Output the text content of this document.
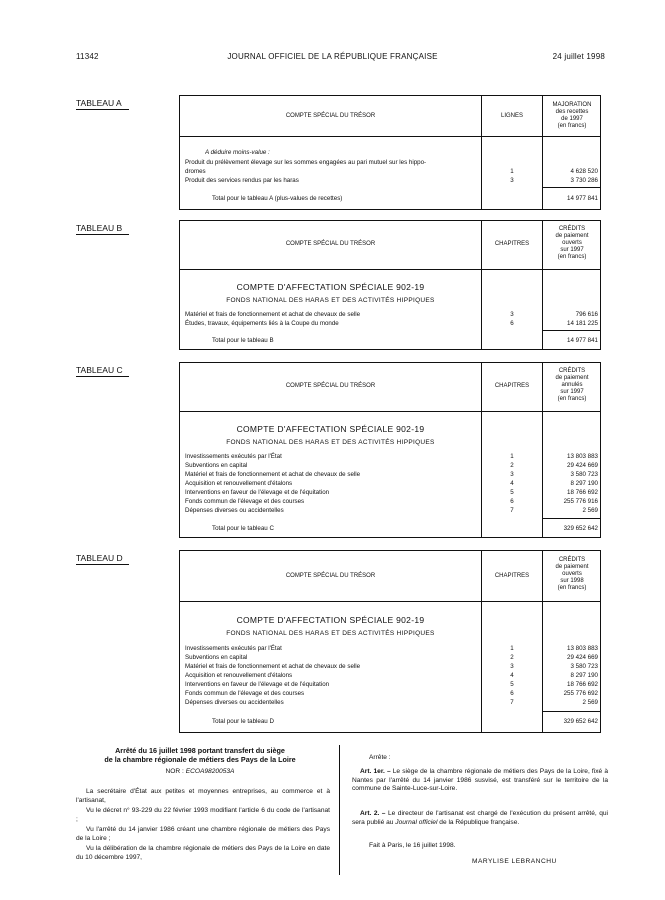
11342	JOURNAL OFFICIEL DE LA RÉPUBLIQUE FRANÇAISE	24 juillet 1998
TABLEAU A
COMPTE SPÉCIAL DU TRÉSOR	LIGNES
MAJORATION
des recettes
de 1997
(en francs)
A déduire moins-value :
Produit du prélèvement élevage sur les sommes engagées au pari mutuel sur les hippo-
dromes	1	4 628 520
Produit des services rendus par les haras	3	3 730 286
Total pour le tableau A (plus-values de recettes)	14 977 841
TABLEAU B
COMPTE SPÉCIAL DU TRÉSOR	CHAPITRES
CRÉDITS
de paiement
ouverts
sur 1997
(en francs)
COMPTE D'AFFECTATION SPÉCIALE 902-19
FONDS NATIONAL DES HARAS ET DES ACTIVITÉS HIPPIQUES
Matériel et frais de fonctionnement et achat de chevaux de selle	3	796 616
Études, travaux, équipements liés à la Coupe du monde	6	14 181 225
Total pour le tableau B	14 977 841
TABLEAU C
COMPTE SPÉCIAL DU TRÉSOR	CHAPITRES
CRÉDITS
de paiement
annulés
sur 1997
(en francs)
COMPTE D'AFFECTATION SPÉCIALE 902-19
FONDS NATIONAL DES HARAS ET DES ACTIVITÉS HIPPIQUES
Investissements exécutés par l'État	1	13 803 883
Subventions en capital	2	29 424 669
Matériel et frais de fonctionnement et achat de chevaux de selle	3	3 580 723
Acquisition et renouvellement d'étalons	4	8 297 190
Interventions en faveur de l'élevage et de l'équitation	5	18 766 692
Fonds commun de l'élevage et des courses	6	255 776 916
Dépenses diverses ou accidentelles	7	2 569
Total pour le tableau C	329 652 642
TABLEAU D
COMPTE SPÉCIAL DU TRÉSOR	CHAPITRES
CRÉDITS
de paiement
ouverts
sur 1998
(en francs)
COMPTE D'AFFECTATION SPÉCIALE 902-19
FONDS NATIONAL DES HARAS ET DES ACTIVITÉS HIPPIQUES
Investissements exécutés par l'État	1	13 803 883
Subventions en capital	2	29 424 669
Matériel et frais de fonctionnement et achat de chevaux de selle	3	3 580 723
Acquisition et renouvellement d'étalons	4	8 297 190
Interventions en faveur de l'élevage et de l'équitation	5	18 766 692
Fonds commun de l'élevage et des courses	6	255 776 692
Dépenses diverses ou accidentelles	7	2 569
Total pour le tableau D	329 652 642
Arrêté du 16 juillet 1998 portant transfert du siège
de la chambre régionale de métiers des Pays de la Loire
NOR : ECOA9820053A
La secrétaire d'État aux petites et moyennes entreprises, au commerce et à l'artisanat,
Vu le décret n° 93-229 du 22 février 1993 modifiant l'article 6 du code de l'artisanat ;
Vu l'arrêté du 14 janvier 1986 créant une chambre régionale de métiers des Pays de la Loire ;
Vu la délibération de la chambre régionale de métiers des Pays de la Loire en date du 10 décembre 1997,
Arrête :
Art. 1er. – Le siège de la chambre régionale de métiers des Pays de la Loire, fixé à Nantes par l'arrêté du 14 janvier 1986 susvisé, est transféré sur le territoire de la commune de Sainte-Luce-sur-Loire.
Art. 2. – Le directeur de l'artisanat est chargé de l'exécution du présent arrêté, qui sera publié au Journal officiel de la République française.
Fait à Paris, le 16 juillet 1998.
MARYLISE LEBRANCHU
